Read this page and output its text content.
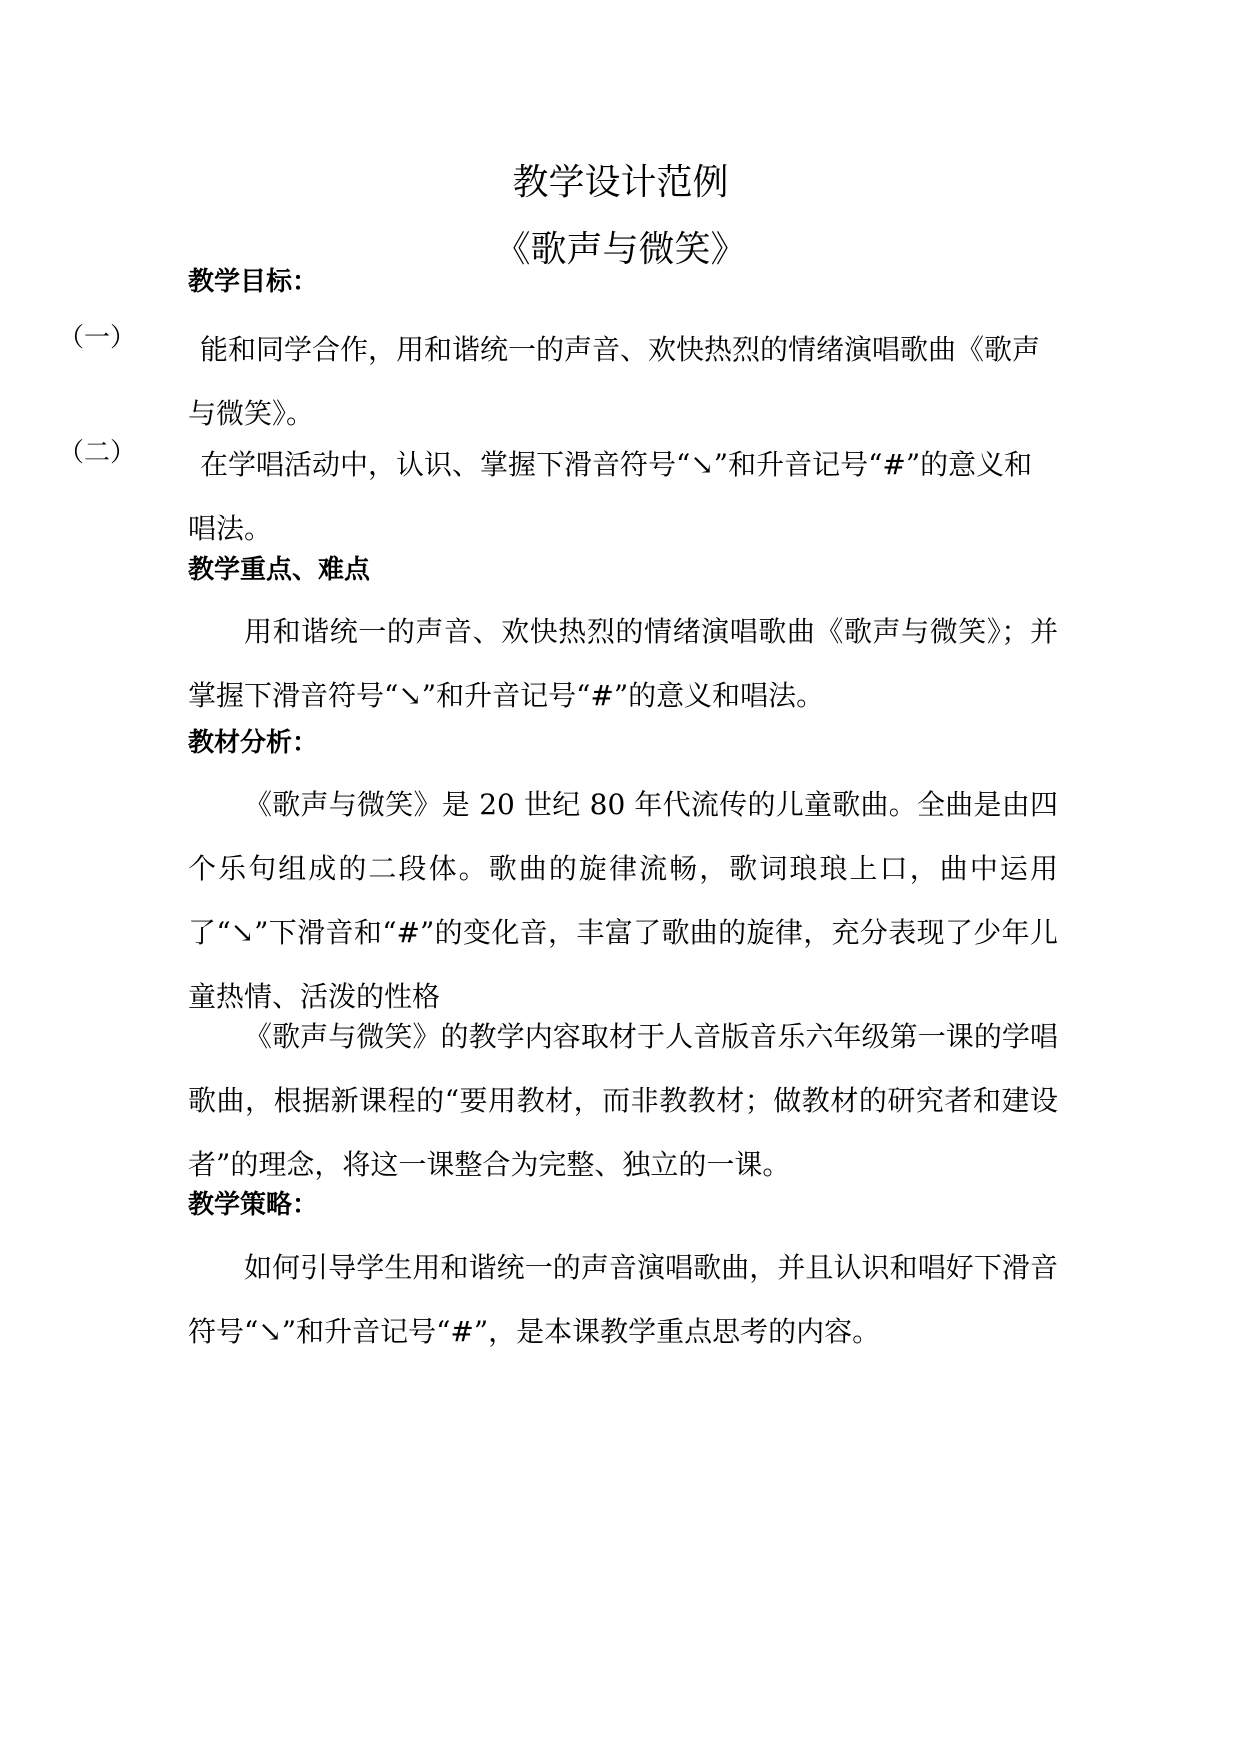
教学设计范例
《歌声与微笑》
教学目标：
（一）	能和同学合作，用和谐统一的声音、欢快热烈的情绪演唱歌曲《歌声与微笑》。

（二）	在学唱活动中，认识、掌握下滑音符号“↘”和升音记号“#”的意义和唱法。

教学重点、难点

用和谐统一的声音、欢快热烈的情绪演唱歌曲《歌声与微笑》；并掌握下滑音符号“↘”和升音记号“#”的意义和唱法。

教材分析：

《歌声与微笑》是 20 世纪 80 年代流传的儿童歌曲。全曲是由四个乐句组成的二段体。歌曲的旋律流畅，歌词琅琅上口，曲中运用了“↘”下滑音和“#”的变化音，丰富了歌曲的旋律，充分表现了少年儿童热情、活泼的性格

《歌声与微笑》的教学内容取材于人音版音乐六年级第一课的学唱歌曲，根据新课程的“要用教材，而非教教材；做教材的研究者和建设者”的理念，将这一课整合为完整、独立的一课。

教学策略：

如何引导学生用和谐统一的声音演唱歌曲，并且认识和唱好下滑音符号“↘”和升音记号“#”，是本课教学重点思考的内容。
